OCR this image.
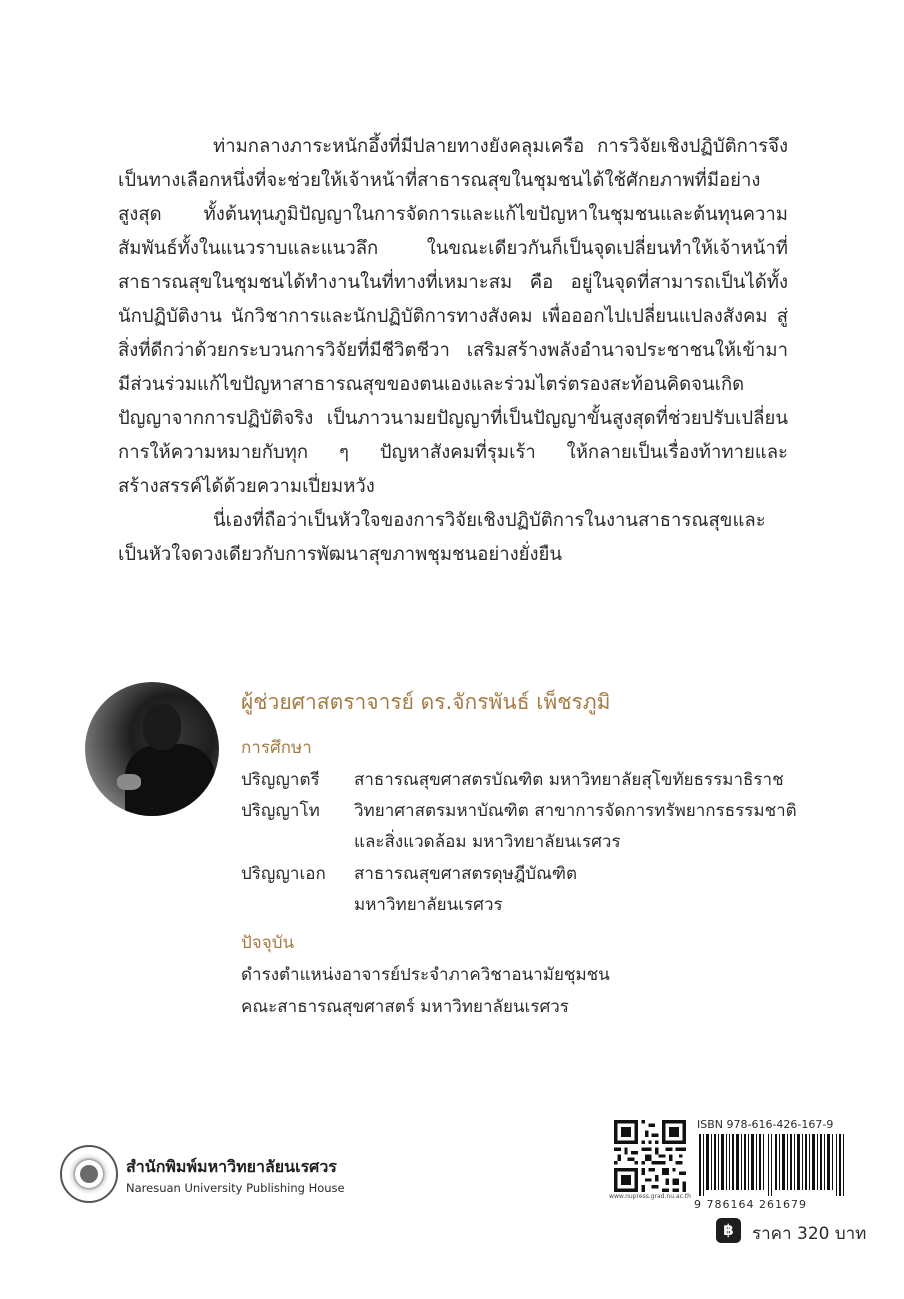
ท่ามกลางภาระหนักอึ้งที่มีปลายทางยังคลุมเครือ การวิจัยเชิงปฏิบัติการจึงเป็นทางเลือกหนึ่งที่จะช่วยให้เจ้าหน้าที่สาธารณสุขในชุมชนได้ใช้ศักยภาพที่มีอย่างสูงสุด ทั้งต้นทุนภูมิปัญญาในการจัดการและแก้ไขปัญหาในชุมชนและต้นทุนความสัมพันธ์ทั้งในแนวราบและแนวลึก ในขณะเดียวกันก็เป็นจุดเปลี่ยนทำให้เจ้าหน้าที่สาธารณสุขในชุมชนได้ทำงานในที่ทางที่เหมาะสม คือ อยู่ในจุดที่สามารถเป็นได้ทั้งนักปฏิบัติงาน นักวิชาการและนักปฏิบัติการทางสังคม เพื่อออกไปเปลี่ยนแปลงสังคม สู่สิ่งที่ดีกว่าด้วยกระบวนการวิจัยที่มีชีวิตชีวา เสริมสร้างพลังอำนาจประชาชนให้เข้ามามีส่วนร่วมแก้ไขปัญหาสาธารณสุขของตนเองและร่วมไตร่ตรองสะท้อนคิดจนเกิดปัญญาจากการปฏิบัติจริง เป็นภาวนามยปัญญาที่เป็นปัญญาขั้นสูงสุดที่ช่วยปรับเปลี่ยนการให้ความหมายกับทุก ๆ ปัญหาสังคมที่รุมเร้า ให้กลายเป็นเรื่องท้าทายและสร้างสรรค์ได้ด้วยความเปี่ยมหวัง

นี่เองที่ถือว่าเป็นหัวใจของการวิจัยเชิงปฏิบัติการในงานสาธารณสุขและเป็นหัวใจดวงเดียวกับการพัฒนาสุขภาพชุมชนอย่างยั่งยืน

ผู้ช่วยศาสตราจารย์ ดร.จักรพันธ์ เพ็ชรภูมิ
การศึกษา
ปริญญาตรี สาธารณสุขศาสตรบัณฑิต มหาวิทยาลัยสุโขทัยธรรมาธิราช
ปริญญาโท วิทยาศาสตรมหาบัณฑิต สาขาการจัดการทรัพยากรธรรมชาติ
และสิ่งแวดล้อม มหาวิทยาลัยนเรศวร
ปริญญาเอก สาธารณสุขศาสตรดุษฎีบัณฑิต
มหาวิทยาลัยนเรศวร
ปัจจุบัน
ดำรงตำแหน่งอาจารย์ประจำภาควิชาอนามัยชุมชน
คณะสาธารณสุขศาสตร์ มหาวิทยาลัยนเรศวร
สำนักพิมพ์มหาวิทยาลัยนเรศวร
Naresuan University Publishing House
www.nupress.grad.nu.ac.th
ISBN 978-616-426-167-9
9 786164 261679
฿	ราคา 320 บาท
